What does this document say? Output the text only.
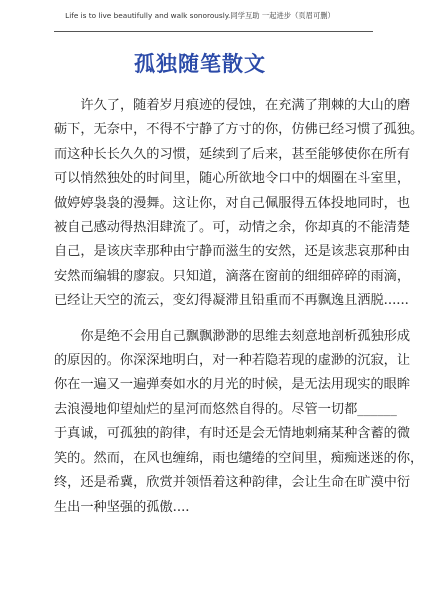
Life is to live beautifully and walk sonorously.同学互助 一起进步（页眉可删）
孤独随笔散文

许久了，随着岁月痕迹的侵蚀，在充满了荆棘的大山的磨

砺下，无奈中，不得不宁静了方寸的你，仿佛已经习惯了孤独。

而这种长长久久的习惯，延续到了后来，甚至能够使你在所有

可以悄然独处的时间里，随心所欲地令口中的烟圈在斗室里，

做婷婷袅袅的漫舞。这让你，对自己佩服得五体投地同时，也

被自己感动得热泪肆流了。可，动情之余，你却真的不能清楚

自己，是该庆幸那种由宁静而滋生的安然，还是该悲哀那种由

安然而编辑的廖寂。只知道，滴落在窗前的细细碎碎的雨滴，

已经让天空的流云，变幻得凝滞且铅重而不再飘逸且洒脱......

你是绝不会用自己飘飘渺渺的思维去刻意地剖析孤独形成

的原因的。你深深地明白，对一种若隐若现的虚渺的沉寂，让

你在一遍又一遍弹奏如水的月光的时候，是无法用现实的眼眸

去浪漫地仰望灿烂的星河而悠然自得的。尽管一切都______

于真诚，可孤独的韵律，有时还是会无情地刺痛某种含蓄的微

笑的。然而，在风也缠绵，雨也缱绻的空间里，痴痴迷迷的你，

终，还是希冀，欣赏并领悟着这种韵律，会让生命在旷漠中衍

生出一种坚强的孤傲....
